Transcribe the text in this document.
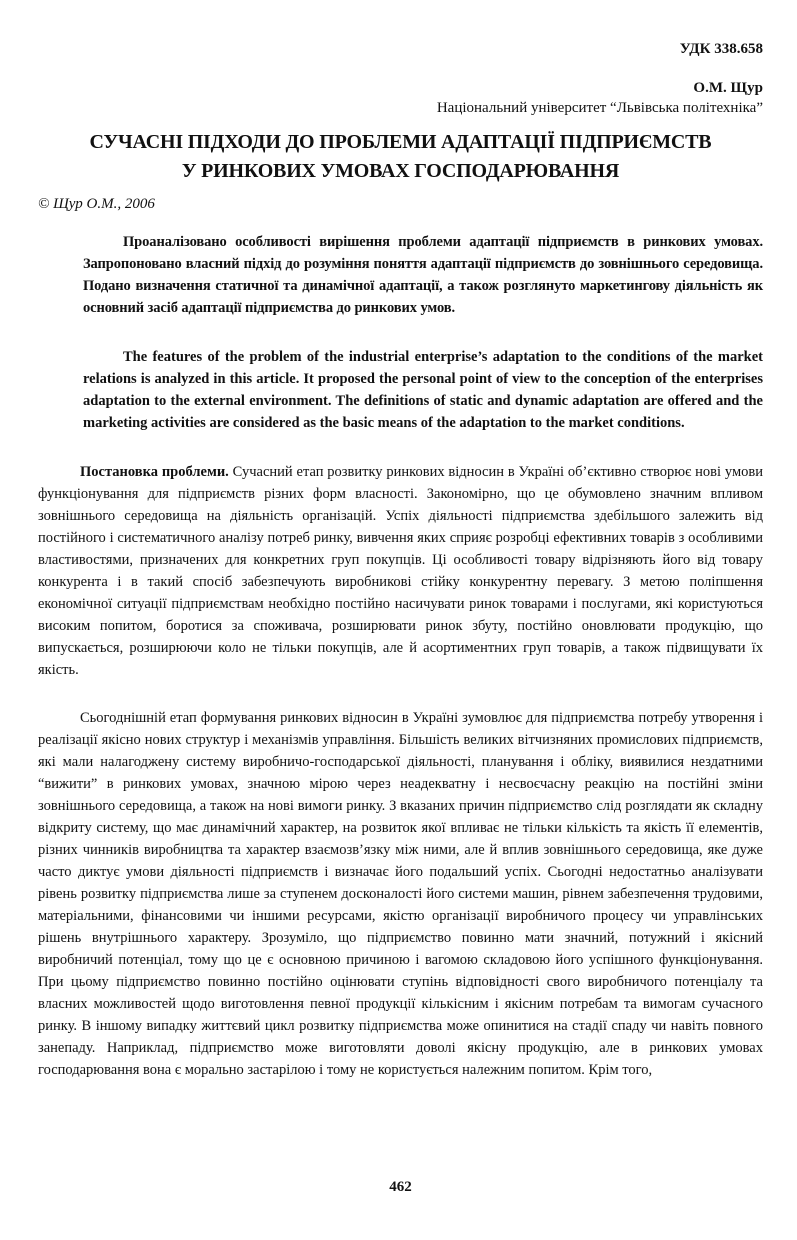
УДК 338.658
О.М. Щур
Національний університет “Львівська політехніка”
СУЧАСНІ ПІДХОДИ ДО ПРОБЛЕМИ АДАПТАЦІЇ ПІДПРИЄМСТВ
У РИНКОВИХ УМОВАХ ГОСПОДАРЮВАННЯ
© Щур О.М., 2006

Проаналізовано особливості вирішення проблеми адаптації підприємств в ринкових умовах. Запропоновано власний підхід до розуміння поняття адаптації підприємств до зовнішнього середовища. Подано визначення статичної та динамічної адаптації, а також розглянуто маркетингову діяльність як основний засіб адаптації підприємства до ринкових умов.

The features of the problem of the industrial enterprise’s adaptation to the conditions of the market relations is analyzed in this article. It proposed the personal point of view to the conception of the enterprises adaptation to the external environment. The definitions of static and dynamic adaptation are offered and the marketing activities are considered as the basic means of the adaptation to the market conditions.

Постановка проблеми. Сучасний етап розвитку ринкових відносин в Україні об’єктивно створює нові умови функціонування для підприємств різних форм власності. Закономірно, що це обумовлено значним впливом зовнішнього середовища на діяльність організацій. Успіх діяльності підприємства здебільшого залежить від постійного і систематичного аналізу потреб ринку, вивчення яких сприяє розробці ефективних товарів з особливими властивостями, призначених для конкретних груп покупців. Ці особливості товару відрізняють його від товару конкурента і в такий спосіб забезпечують виробникові стійку конкурентну перевагу. З метою поліпшення економічної ситуації підприємствам необхідно постійно насичувати ринок товарами і послугами, які користуються високим попитом, боротися за споживача, розширювати ринок збуту, постійно оновлювати продукцію, що випускається, розширюючи коло не тільки покупців, але й асортиментних груп товарів, а також підвищувати їх якість.

Сьогоднішній етап формування ринкових відносин в Україні зумовлює для підприємства потребу утворення і реалізації якісно нових структур і механізмів управління. Більшість великих вітчизняних промислових підприємств, які мали налагоджену систему виробничо-господарської діяльності, планування і обліку, виявилися нездатними “вижити” в ринкових умовах, значною мірою через неадекватну і несвоєчасну реакцію на постійні зміни зовнішнього середовища, а також на нові вимоги ринку. З вказаних причин підприємство слід розглядати як складну відкриту систему, що має динамічний характер, на розвиток якої впливає не тільки кількість та якість її елементів, різних чинників виробництва та характер взаємозв’язку між ними, але й вплив зовнішнього середовища, яке дуже часто диктує умови діяльності підприємств і визначає його подальший успіх. Сьогодні недостатньо аналізувати рівень розвитку підприємства лише за ступенем досконалості його системи машин, рівнем забезпечення трудовими, матеріальними, фінансовими чи іншими ресурсами, якістю організації виробничого процесу чи управлінських рішень внутрішнього характеру. Зрозуміло, що підприємство повинно мати значний, потужний і якісний виробничий потенціал, тому що це є основною причиною і вагомою складовою його успішного функціонування. При цьому підприємство повинно постійно оцінювати ступінь відповідності свого виробничого потенціалу та власних можливостей щодо виготовлення певної продукції кількісним і якісним потребам та вимогам сучасного ринку. В іншому випадку життєвий цикл розвитку підприємства може опинитися на стадії спаду чи навіть повного занепаду. Наприклад, підприємство може виготовляти доволі якісну продукцію, але в ринкових умовах господарювання вона є морально застарілою і тому не користується належним попитом. Крім того,

462
